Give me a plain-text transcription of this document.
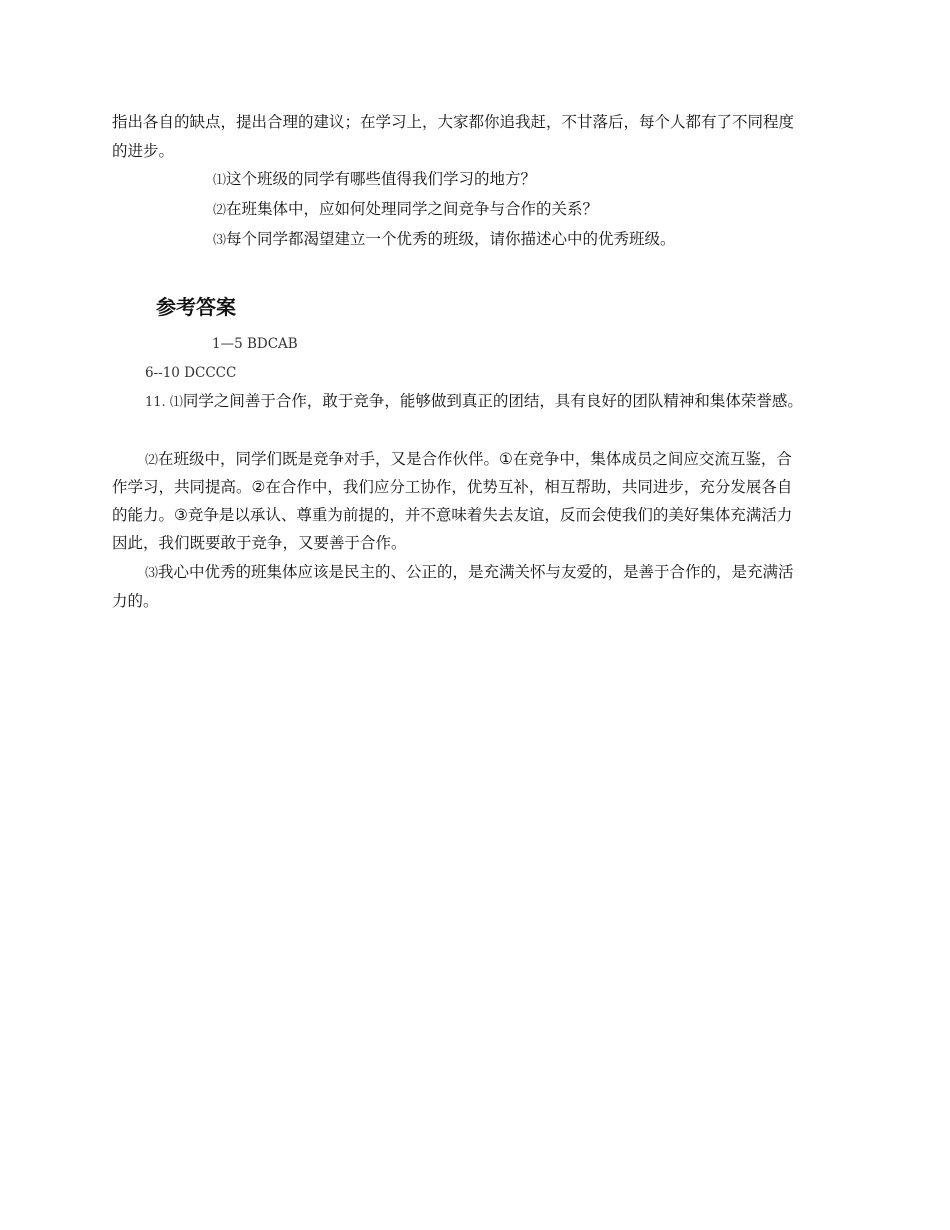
指出各自的缺点，提出合理的建议；在学习上，大家都你追我赶，不甘落后，每个人都有了不同程度
的进步。
⑴这个班级的同学有哪些值得我们学习的地方？
⑵在班集体中，应如何处理同学之间竞争与合作的关系？
⑶每个同学都渴望建立一个优秀的班级，请你描述心中的优秀班级。
参考答案
1—5 BDCAB
6--10 DCCCC
11. ⑴同学之间善于合作，敢于竞争，能够做到真正的团结，具有良好的团队精神和集体荣誉感。
⑵在班级中，同学们既是竞争对手，又是合作伙伴。①在竞争中，集体成员之间应交流互鉴，合
作学习，共同提高。②在合作中，我们应分工协作，优势互补，相互帮助，共同进步，充分发展各自
的能力。③竞争是以承认、尊重为前提的，并不意味着失去友谊，反而会使我们的美好集体充满活力
因此，我们既要敢于竞争，又要善于合作。
⑶我心中优秀的班集体应该是民主的、公正的，是充满关怀与友爱的，是善于合作的，是充满活
力的。
